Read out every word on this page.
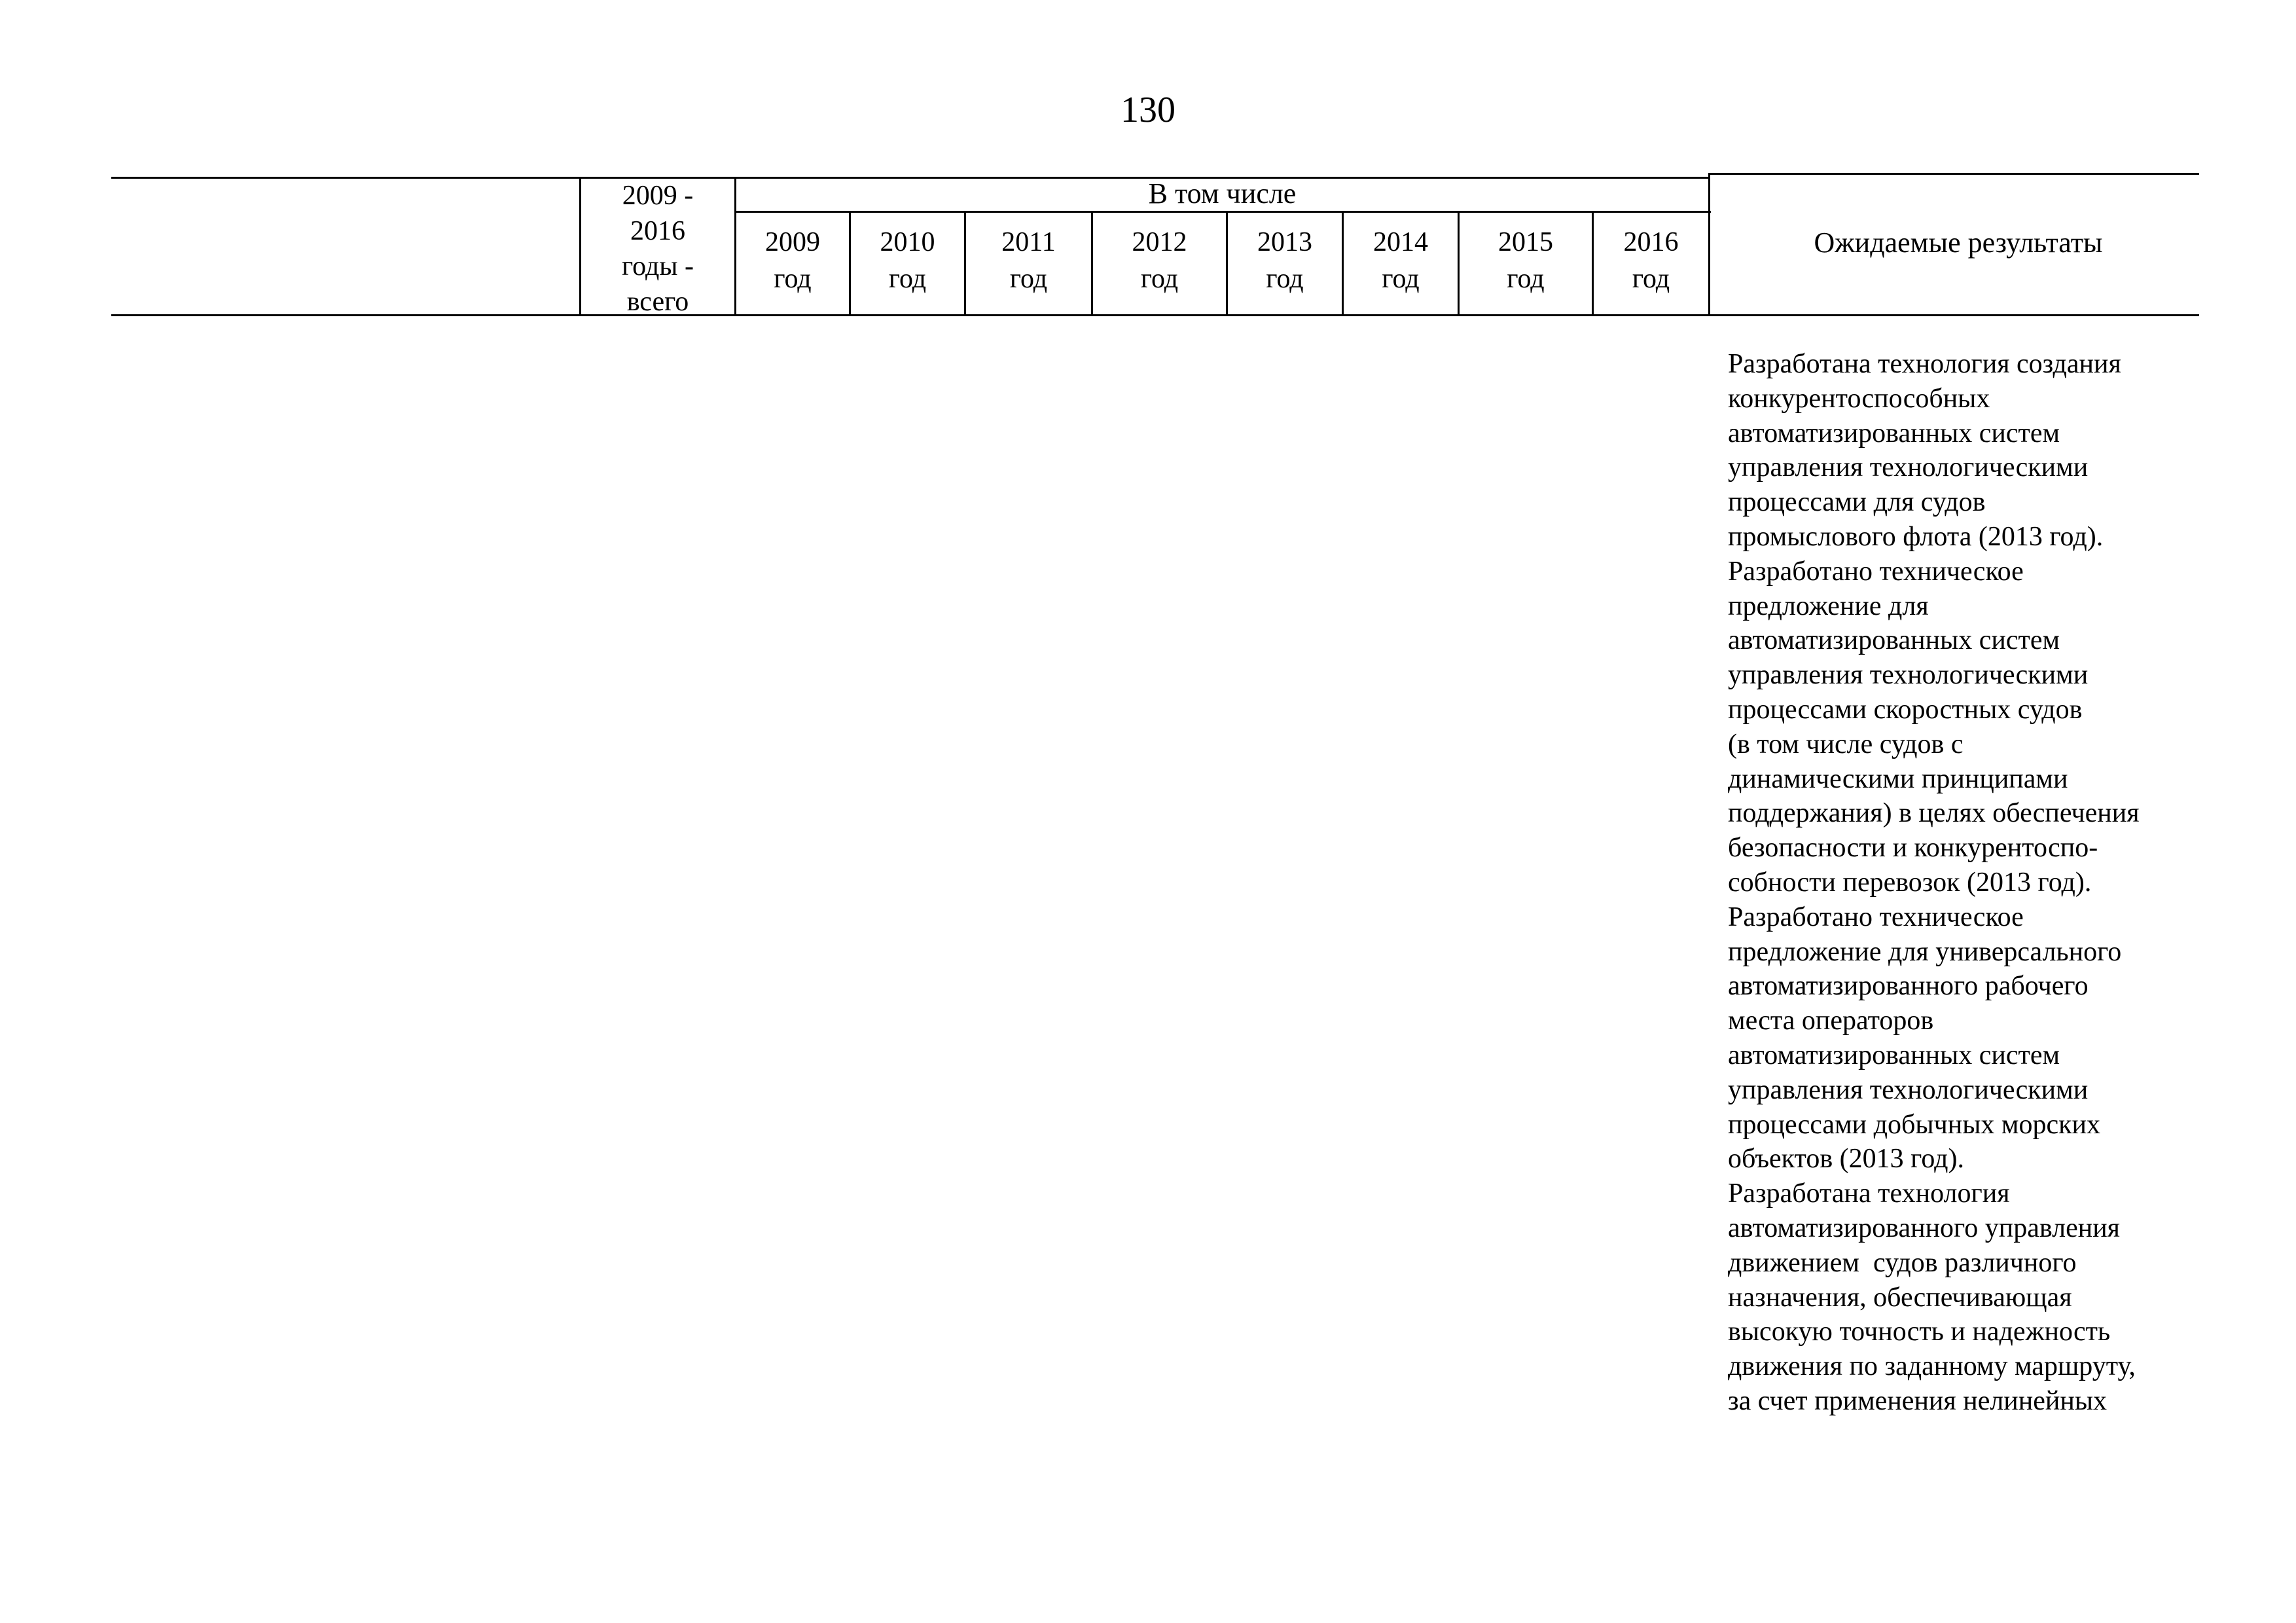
130
2009 -
2016
годы -
всего
В том числе
2009
год
2010
год
2011
год
2012
год
2013
год
2014
год
2015
год
2016
год
Ожидаемые результаты
Разработана технология создания
конкурентоспособных
автоматизированных систем
управления технологическими
процессами для судов
промыслового флота (2013 год).
Разработано техническое
предложение для
автоматизированных систем
управления технологическими
процессами скоростных судов
(в том числе судов с
динамическими принципами
поддержания) в целях обеспечения
безопасности и конкурентоспо-
собности перевозок (2013 год).
Разработано техническое
предложение для универсального
автоматизированного рабочего
места операторов
автоматизированных систем
управления технологическими
процессами добычных морских
объектов (2013 год).
Разработана технология
автоматизированного управления
движением  судов различного
назначения, обеспечивающая
высокую точность и надежность
движения по заданному маршруту,
за счет применения нелинейных
